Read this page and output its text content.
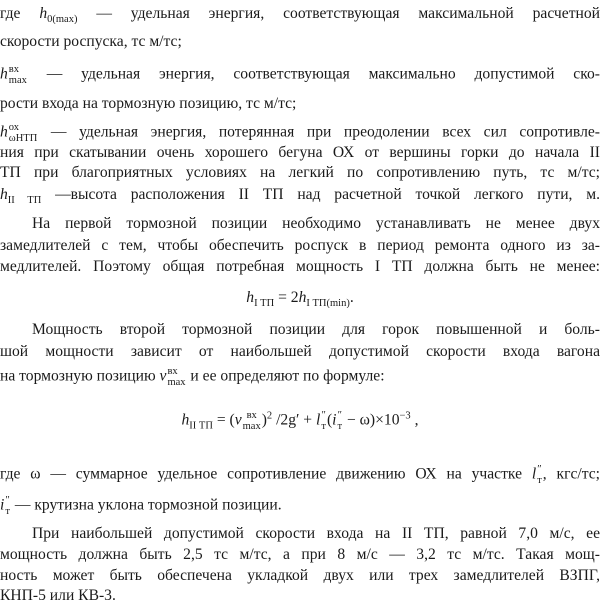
где $h_{0(max)}$ — удельная энергия, соответствующая максимальной расчетной

скорости роспуска, тс м/тс;

h вх
max — удельная энергия, соответствующая максимально допустимой ско-

рости входа на тормозную позицию, тс м/тс;

h ох
ωНТП — удельная энергия, потерянная при преодолении всех сил сопротивле-

ния при скатывании очень хорошего бегуна ОХ от вершины горки до начала II

ТП при благоприятных условиях на легкий по сопротивлению путь, тс м/тс;

$h_{II ТП}$ —высота расположения II ТП над расчетной точкой легкого пути, м.

На первой тормозной позиции необходимо устанавливать не менее двух

замедлителей с тем, чтобы обеспечить роспуск в период ремонта одного из за-

медлителей. Поэтому общая потребная мощность I ТП должна быть не менее:

$h_{I ТП} = 2h_{I ТП(min)}$.

Мощность второй тормозной позиции для горок повышенной и боль-

шой мощности зависит от наибольшей допустимой скорости входа вагона

на тормозную позицию v вх
max и ее определяют по формуле:

$h_{II ТП} = (v$ вх
max )$^2$ /2g′ + l ″
т (i ″
$т - \omega)\times 10^{-3}$ ,

где ω — суммарное удельное сопротивление движению ОХ на участке l ″
т , кгс/тс;

i ″
т — крутизна уклона тормозной позиции.

При наибольшей допустимой скорости входа на II ТП, равной 7,0 м/с, ее

мощность должна быть 2,5 тс м/тс, а при 8 м/с — 3,2 тс м/тс. Такая мощ-

ность может быть обеспечена укладкой двух или трех замедлителей ВЗПГ,

КНП-5 или КВ-3.
